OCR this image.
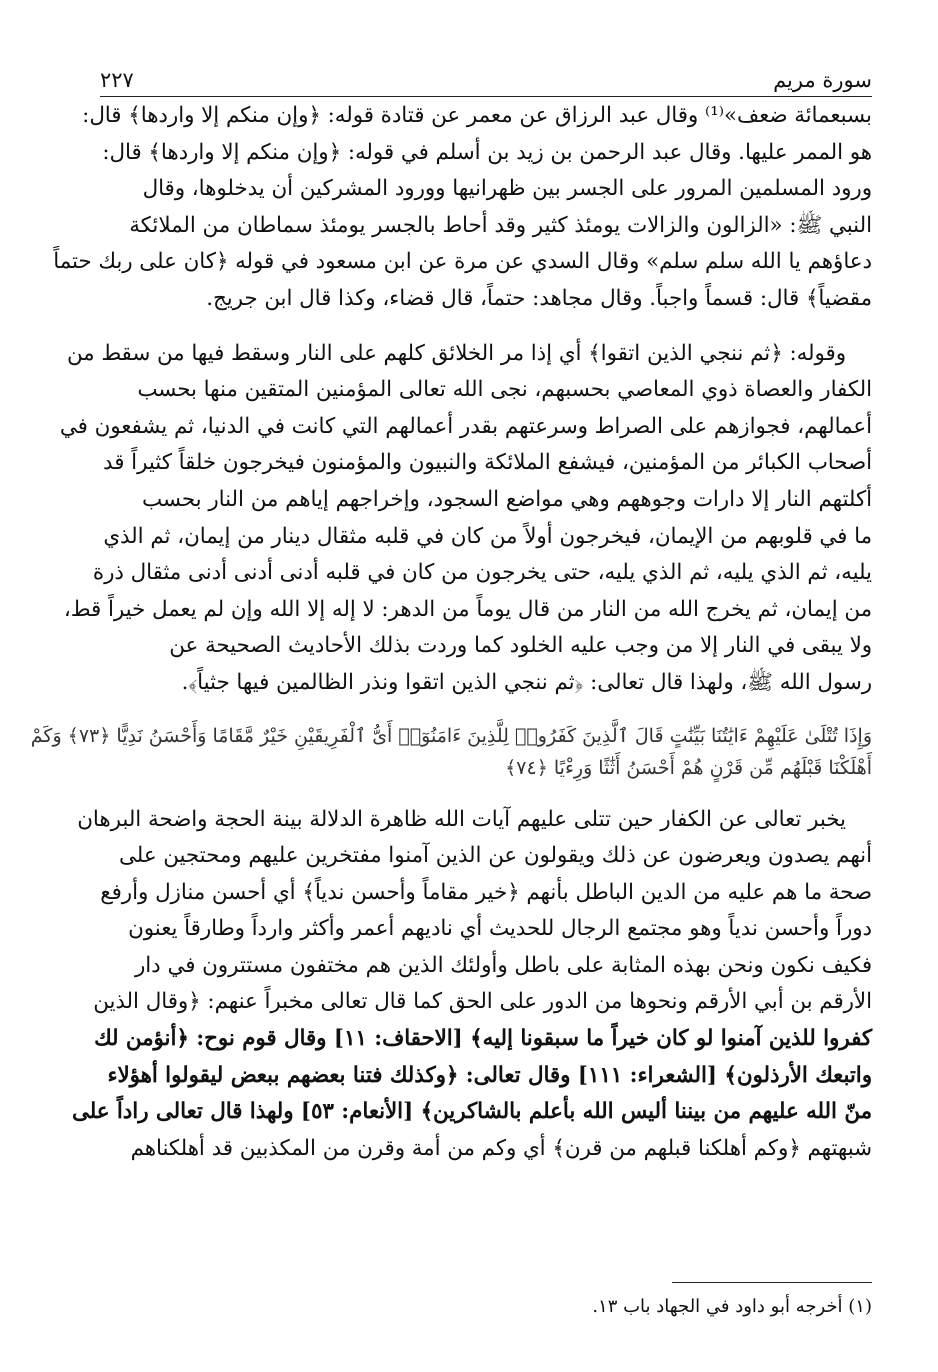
٢٢٧	سورة مريم

بسبعمائة ضعف»⁽¹⁾ وقال عبد الرزاق عن معمر عن قتادة قوله: ﴿وإن منكم إلا واردها﴾ قال:

هو الممر عليها. وقال عبد الرحمن بن زيد بن أسلم في قوله: ﴿وإن منكم إلا واردها﴾ قال:

ورود المسلمين المرور على الجسر بين ظهرانيها وورود المشركين أن يدخلوها، وقال

النبي ﷺ: «الزالون والزالات يومئذ كثير وقد أحاط بالجسر يومئذ سماطان من الملائكة

دعاؤهم يا الله سلم سلم» وقال السدي عن مرة عن ابن مسعود في قوله ﴿كان على ربك حتماً

مقضياً﴾ قال: قسماً واجباً. وقال مجاهد: حتماً، قال قضاء، وكذا قال ابن جريج.

وقوله: ﴿ثم ننجي الذين اتقوا﴾ أي إذا مر الخلائق كلهم على النار وسقط فيها من سقط من

الكفار والعصاة ذوي المعاصي بحسبهم، نجى الله تعالى المؤمنين المتقين منها بحسب

أعمالهم، فجوازهم على الصراط وسرعتهم بقدر أعمالهم التي كانت في الدنيا، ثم يشفعون في

أصحاب الكبائر من المؤمنين، فيشفع الملائكة والنبيون والمؤمنون فيخرجون خلقاً كثيراً قد

أكلتهم النار إلا دارات وجوههم وهي مواضع السجود، وإخراجهم إياهم من النار بحسب

ما في قلوبهم من الإيمان، فيخرجون أولاً من كان في قلبه مثقال دينار من إيمان، ثم الذي

يليه، ثم الذي يليه، ثم الذي يليه، حتى يخرجون من كان في قلبه أدنى أدنى أدنى مثقال ذرة

من إيمان، ثم يخرج الله من النار من قال يوماً من الدهر: لا إله إلا الله وإن لم يعمل خيراً قط،

ولا يبقى في النار إلا من وجب عليه الخلود كما وردت بذلك الأحاديث الصحيحة عن

رسول الله ﷺ، ولهذا قال تعالى: ﴿ثم ننجي الذين اتقوا ونذر الظالمين فيها جثياً﴾.

وَإِذَا تُتْلَىٰ عَلَيْهِمْ ءَايَٰتُنَا بَيِّنَٰتٍ قَالَ ٱلَّذِينَ كَفَرُوا۟ لِلَّذِينَ ءَامَنُوٓا۟ أَىُّ ٱلْفَرِيقَيْنِ خَيْرٌ مَّقَامًا وَأَحْسَنُ نَدِيًّا ﴿٧٣﴾ وَكَمْ

أَهْلَكْنَا قَبْلَهُم مِّن قَرْنٍ هُمْ أَحْسَنُ أَثَٰثًا وَرِءْيًا ﴿٧٤﴾

يخبر تعالى عن الكفار حين تتلى عليهم آيات الله ظاهرة الدلالة بينة الحجة واضحة البرهان

أنهم يصدون ويعرضون عن ذلك ويقولون عن الذين آمنوا مفتخرين عليهم ومحتجين على

صحة ما هم عليه من الدين الباطل بأنهم ﴿خير مقاماً وأحسن ندياً﴾ أي أحسن منازل وأرفع

دوراً وأحسن ندياً وهو مجتمع الرجال للحديث أي ناديهم أعمر وأكثر وارداً وطارقاً يعنون

فكيف نكون ونحن بهذه المثابة على باطل وأولئك الذين هم مختفون مستترون في دار

الأرقم بن أبي الأرقم ونحوها من الدور على الحق كما قال تعالى مخبراً عنهم: ﴿وقال الذين

كفروا للذين آمنوا لو كان خيراً ما سبقونا إليه﴾ [الاحقاف: ١١] وقال قوم نوح: ﴿أنؤمن لك

واتبعك الأرذلون﴾ [الشعراء: ١١١] وقال تعالى: ﴿وكذلك فتنا بعضهم ببعض ليقولوا أهؤلاء

منّ الله عليهم من بيننا أليس الله بأعلم بالشاكرين﴾ [الأنعام: ٥٣] ولهذا قال تعالى راداً على

شبهتهم ﴿وكم أهلكنا قبلهم من قرن﴾ أي وكم من أمة وقرن من المكذبين قد أهلكناهم

(١) أخرجه أبو داود في الجهاد باب ١٣.
